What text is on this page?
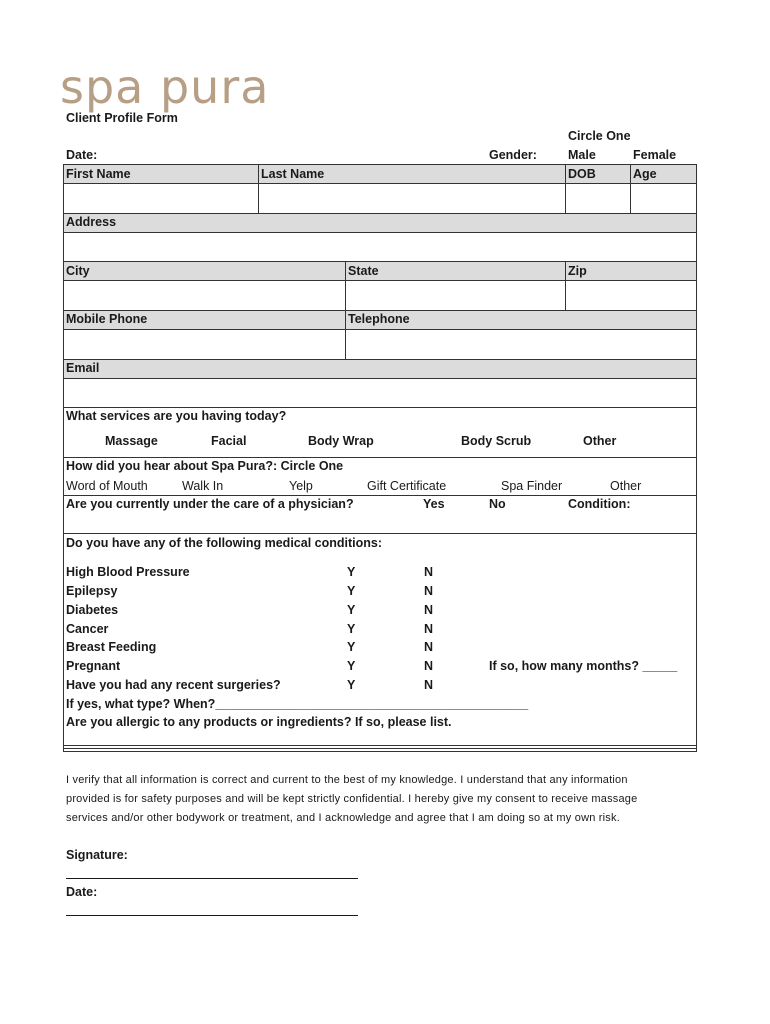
spa pura
Client Profile Form
Circle One
Date:	Gender: Male	Female
First Name	Last Name	DOB	Age
Address
City	State	Zip
Mobile Phone	Telephone
Email
What services are you having today?
Massage	Facial	Body Wrap	Body Scrub	Other
How did you hear about Spa Pura?: Circle One
Word of Mouth	Walk In	Yelp	Gift Certificate	Spa Finder	Other
Are you currently under the care of a physician?	Yes	No	Condition:
Do you have any of the following medical conditions:
High Blood Pressure	Y	N
Epilepsy	Y	N
Diabetes	Y	N
Cancer	Y	N
Breast Feeding	Y	N
Pregnant	Y	N	If so, how many months? _____
Have you had any recent surgeries?	Y	N
If yes, what type? When?_____________________________________________
Are you allergic to any products or ingredients? If so, please list.
I verify that all information is correct and current to the best of my knowledge. I understand that any information
provided is for safety purposes and will be kept strictly confidential. I hereby give my consent to receive massage
services and/or other bodywork or treatment, and I acknowledge and agree that I am doing so at my own risk.
Signature:
Date:
